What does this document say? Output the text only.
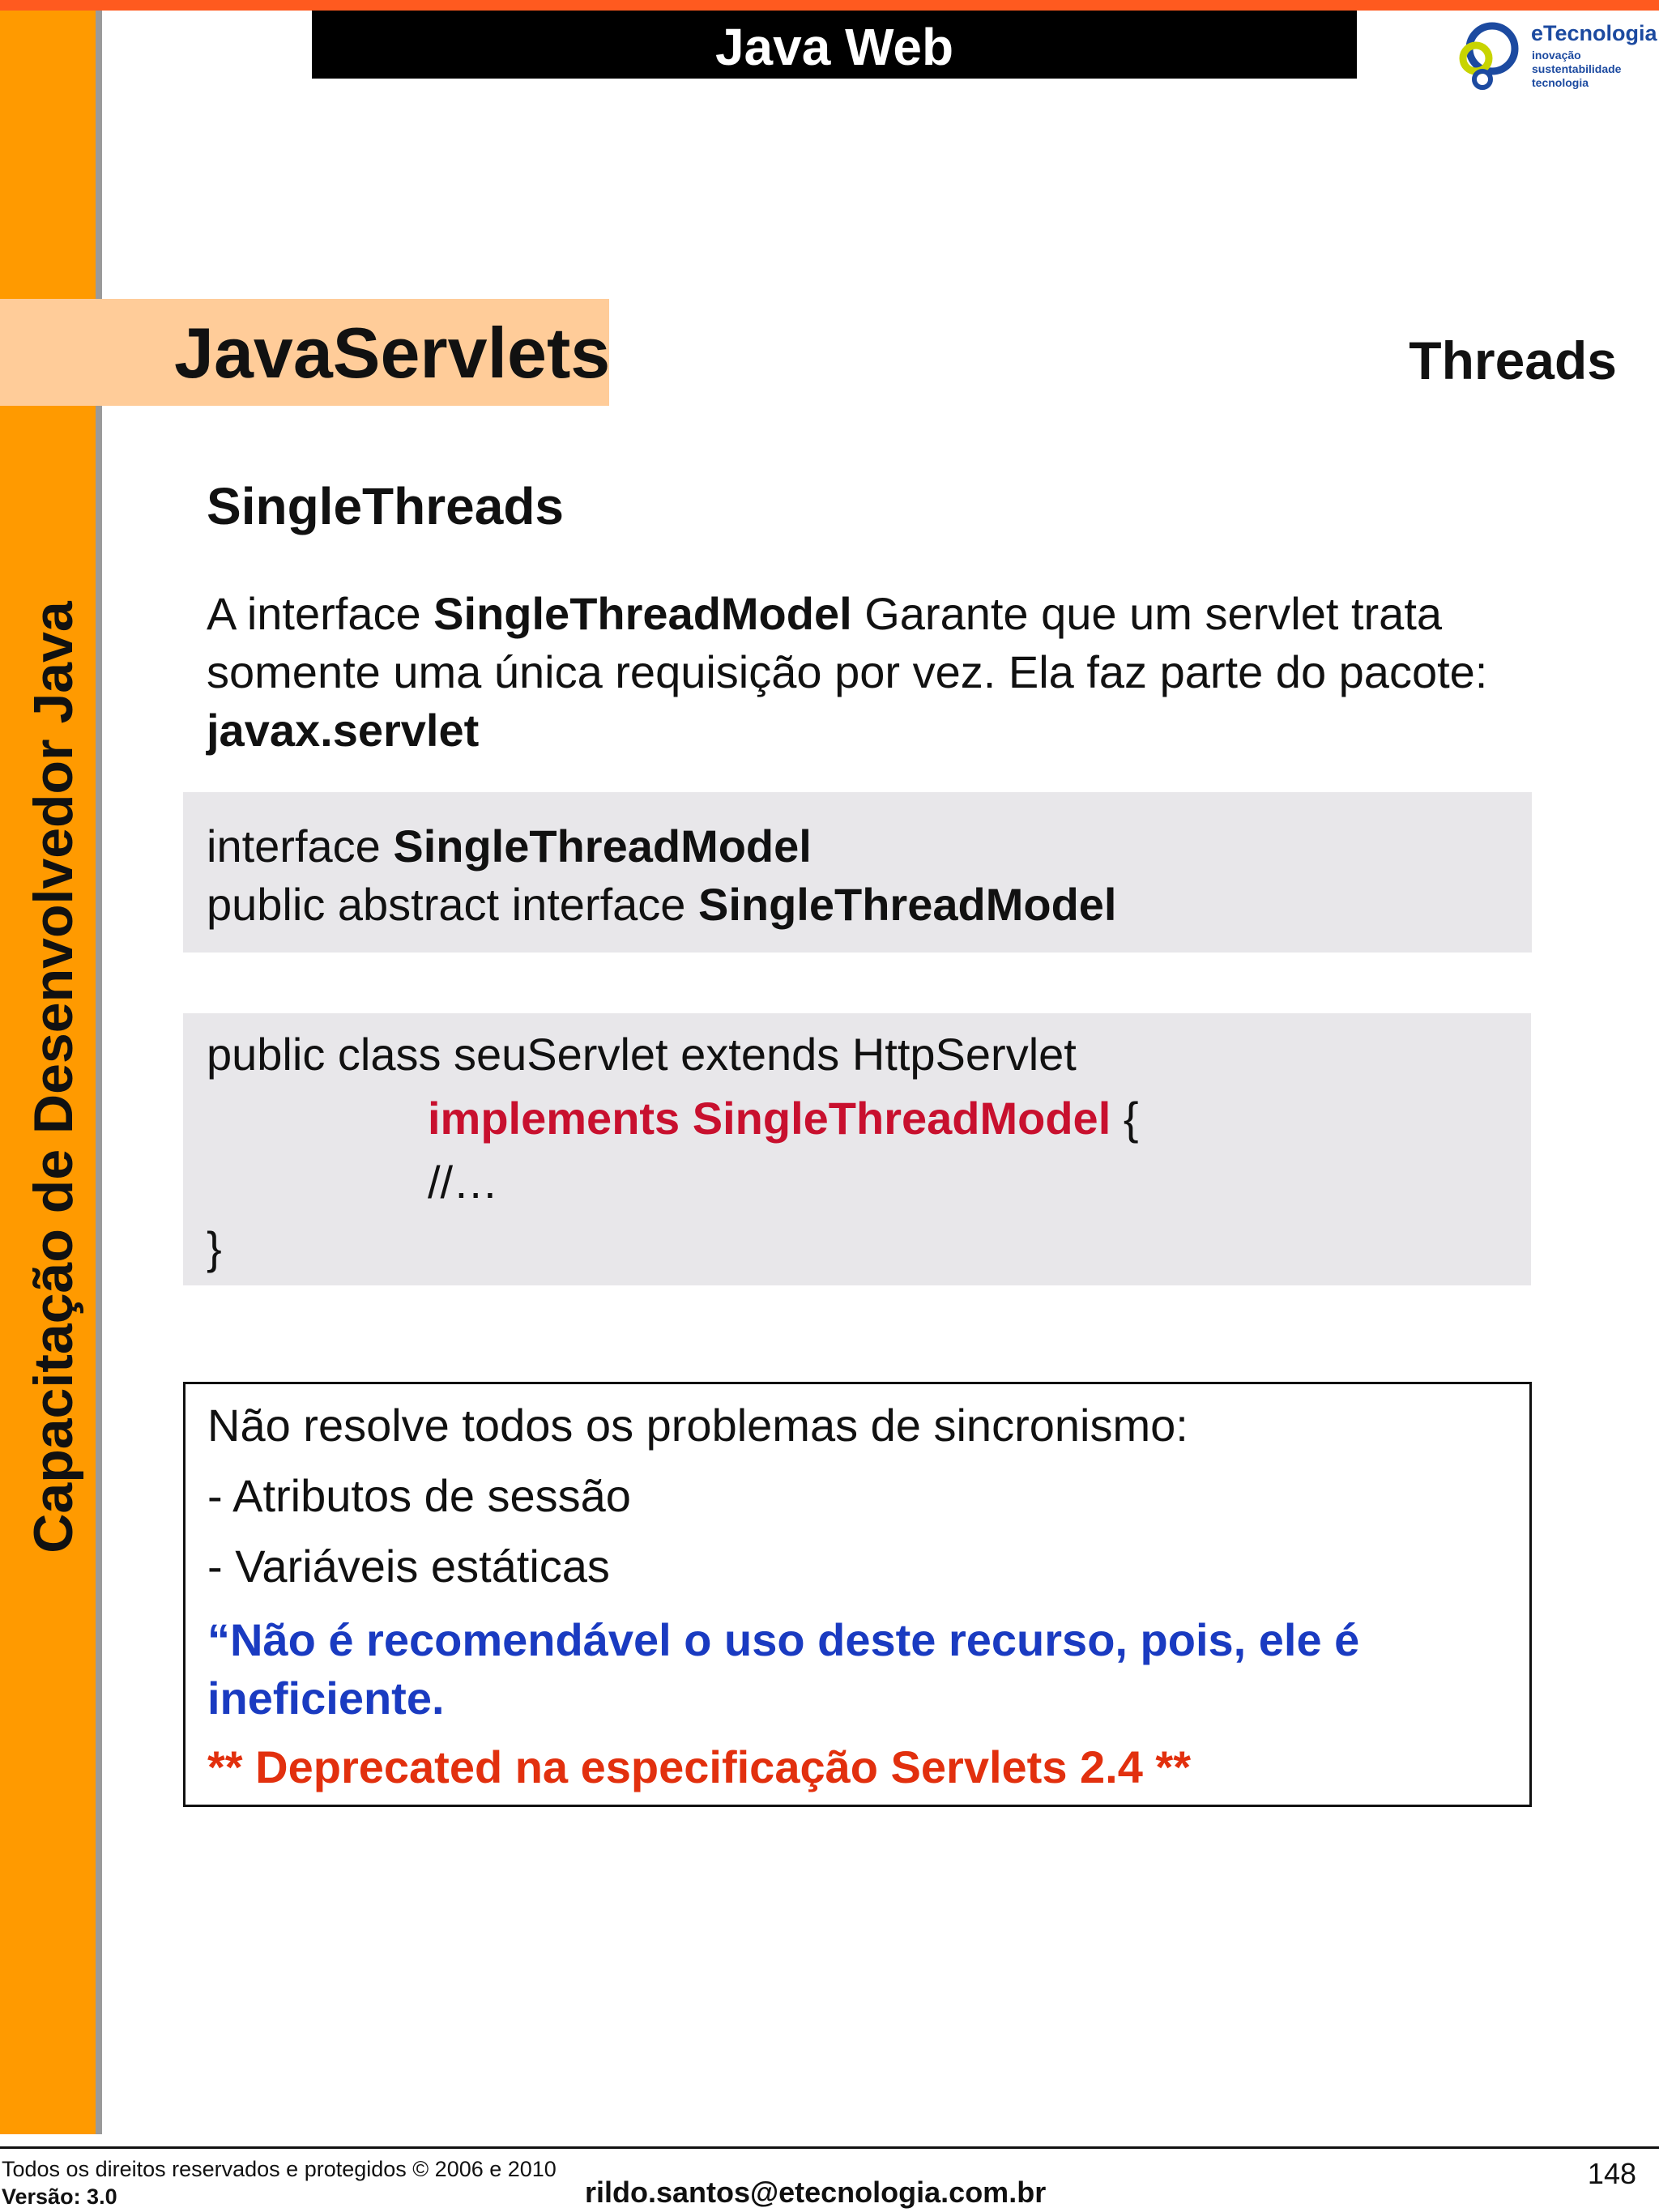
Java Web	eTecnologia
inovação
sustentabilidade
tecnologia
Capacitação de Desenvolvedor Java
JavaServlets	Threads
SingleThreads
A interface SingleThreadModel Garante que um servlet trata somente uma única requisição por vez. Ela faz parte do pacote: javax.servlet
interface SingleThreadModel
public abstract interface SingleThreadModel
public class seuServlet extends HttpServlet
implements SingleThreadModel {
//…
}
Não resolve todos os problemas de sincronismo:
- Atributos de sessão
- Variáveis estáticas
“Não é recomendável o uso deste recurso, pois, ele é ineficiente.
** Deprecated na especificação Servlets 2.4 **
Todos os direitos reservados e protegidos © 2006 e 2010
Versão: 3.0	rildo.santos@etecnologia.com.br
148
